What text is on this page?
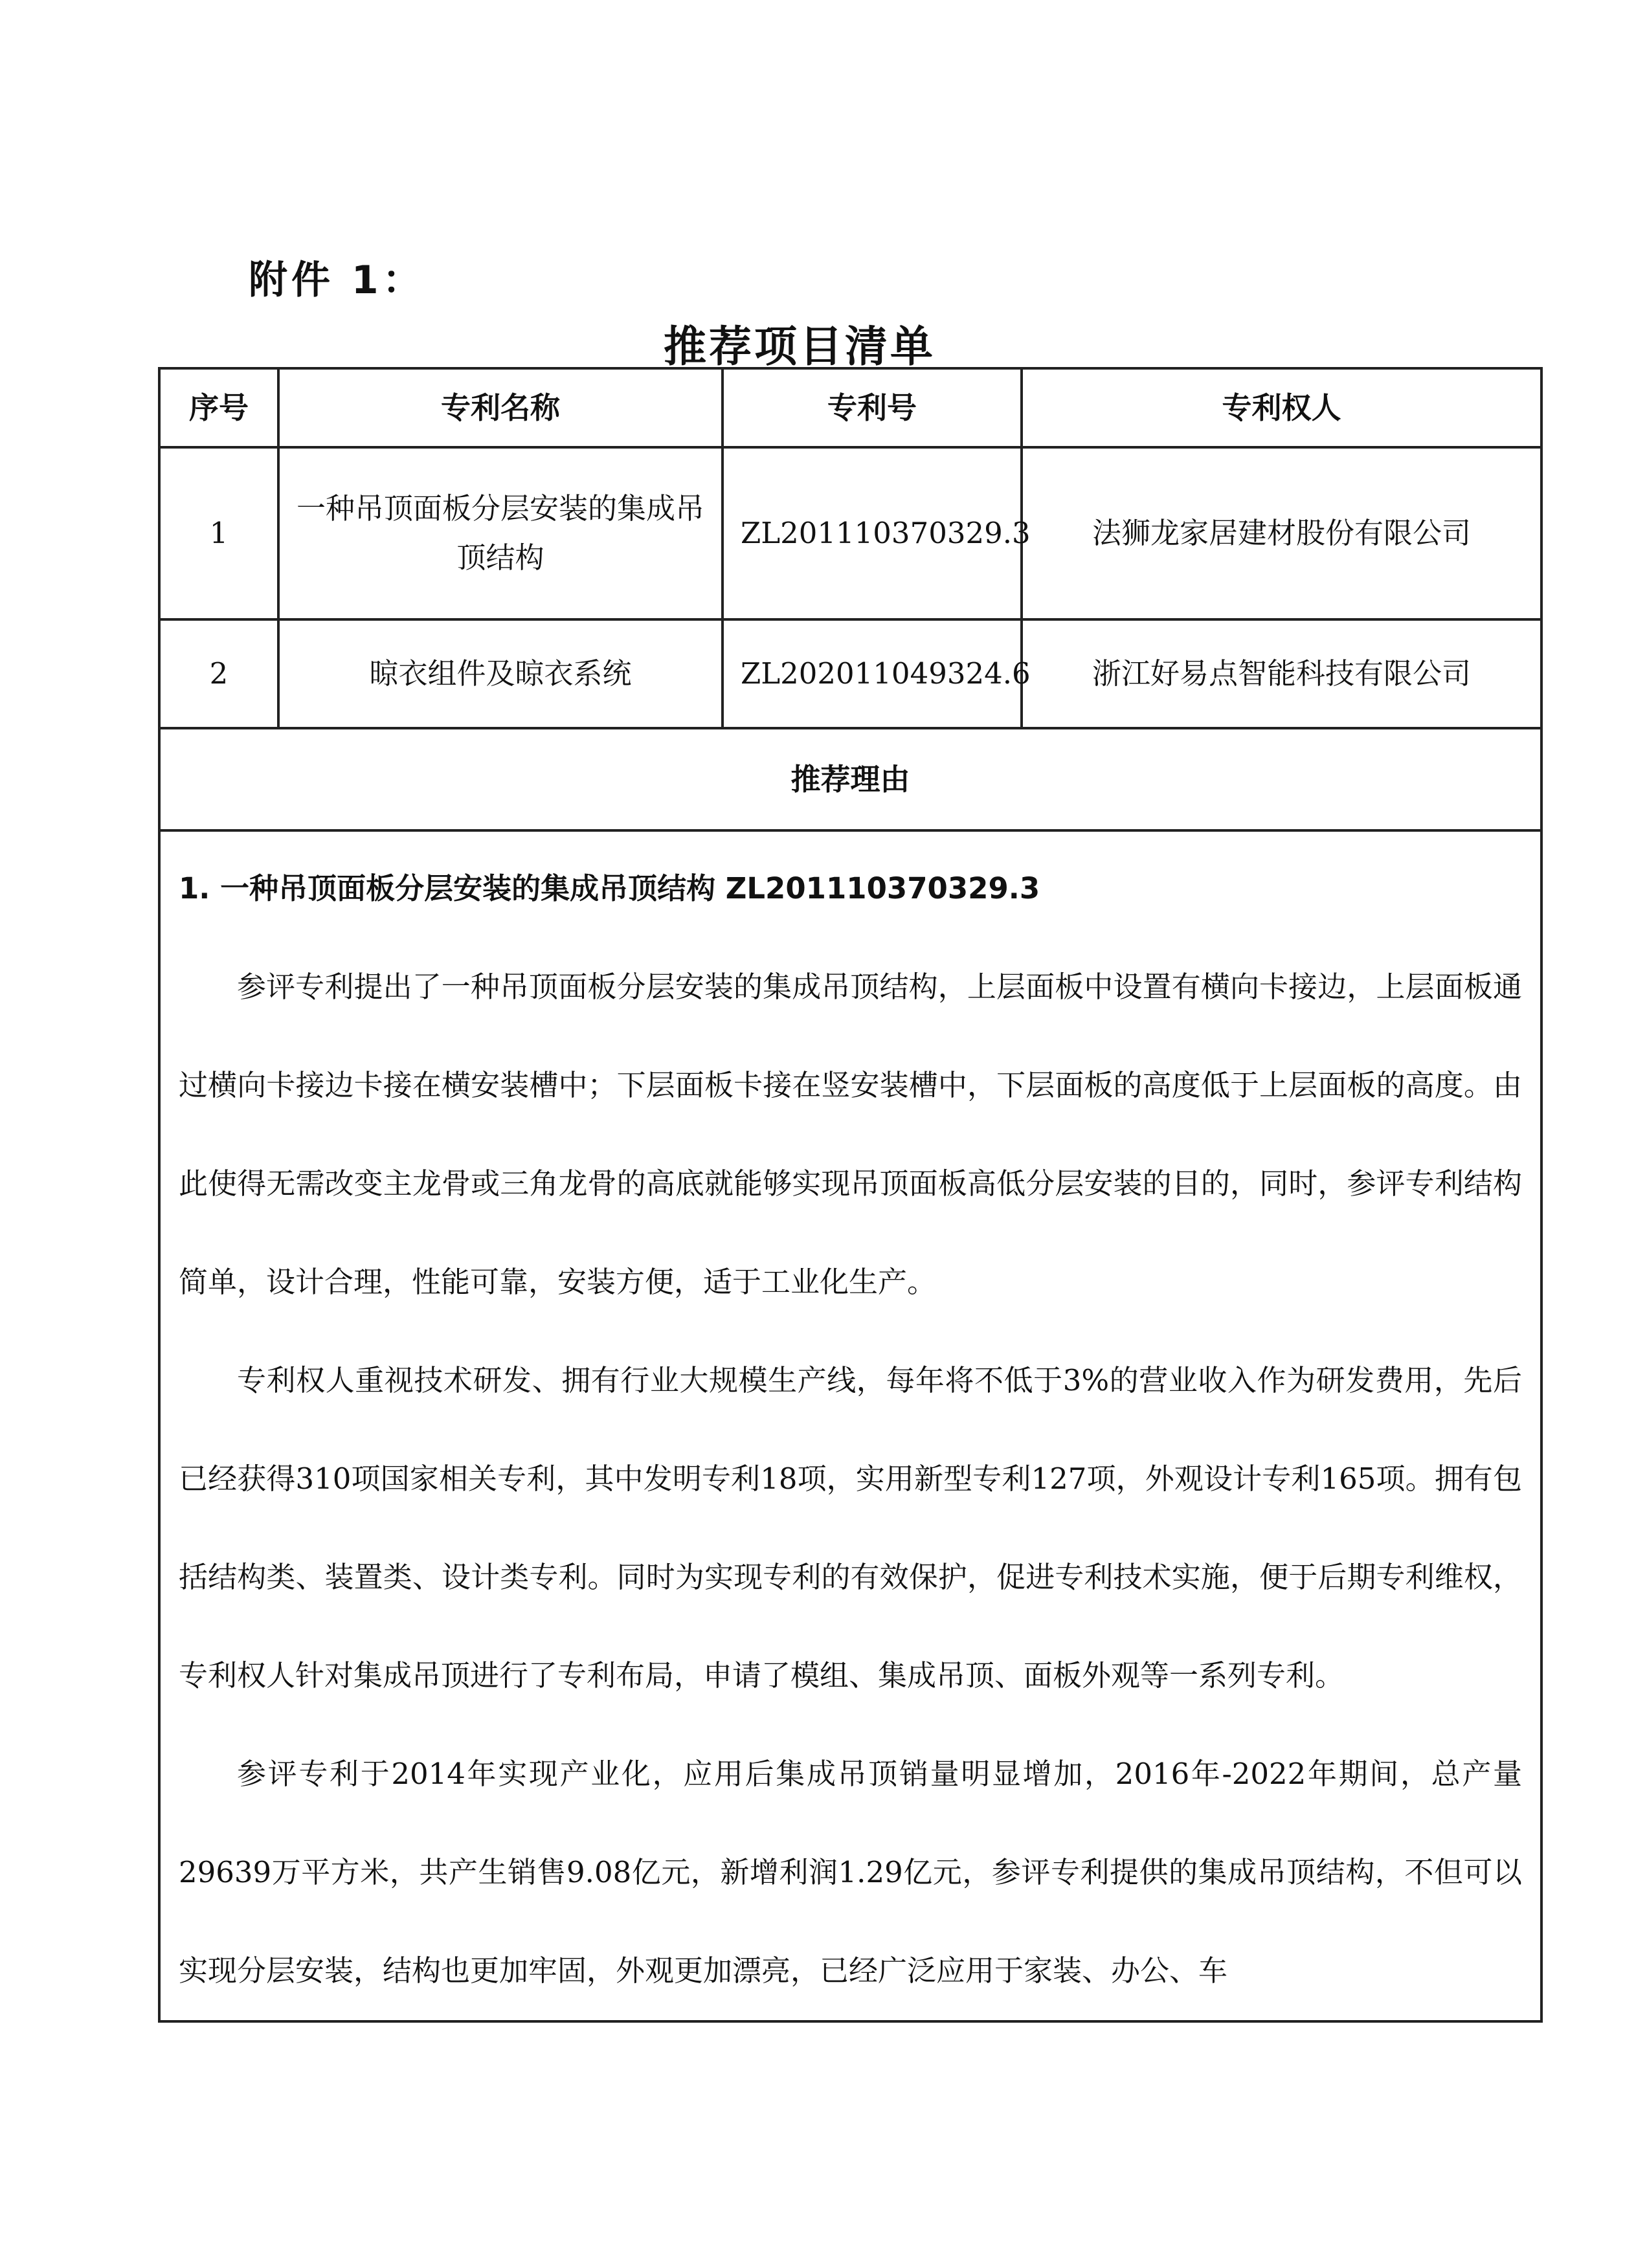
附件 1：
推荐项目清单
序号	专利名称	专利号	专利权人
1	一种吊顶面板分层安装的集成吊顶结构	ZL201110370329.3	法狮龙家居建材股份有限公司
2	晾衣组件及晾衣系统	ZL202011049324.6	浙江好易点智能科技有限公司
推荐理由			

1. 一种吊顶面板分层安装的集成吊顶结构 ZL201110370329.3

参评专利提出了一种吊顶面板分层安装的集成吊顶结构，上层面板中设置有横向卡接边，上层面板通过横向卡接边卡接在横安装槽中；下层面板卡接在竖安装槽中，下层面板的高度低于上层面板的高度。由此使得无需改变主龙骨或三角龙骨的高底就能够实现吊顶面板高低分层安装的目的，同时，参评专利结构简单，设计合理，性能可靠，安装方便，适于工业化生产。

专利权人重视技术研发、拥有行业大规模生产线，每年将不低于3%的营业收入作为研发费用，先后已经获得310项国家相关专利，其中发明专利18项，实用新型专利127项，外观设计专利165项。拥有包括结构类、装置类、设计类专利。同时为实现专利的有效保护，促进专利技术实施，便于后期专利维权，专利权人针对集成吊顶进行了专利布局，申请了模组、集成吊顶、面板外观等一系列专利。

参评专利于2014年实现产业化，应用后集成吊顶销量明显增加，2016年-2022年期间，总产量29639万平方米，共产生销售9.08亿元，新增利润1.29亿元，参评专利提供的集成吊顶结构，不但可以实现分层安装，结构也更加牢固，外观更加漂亮，已经广泛应用于家装、办公、车			
